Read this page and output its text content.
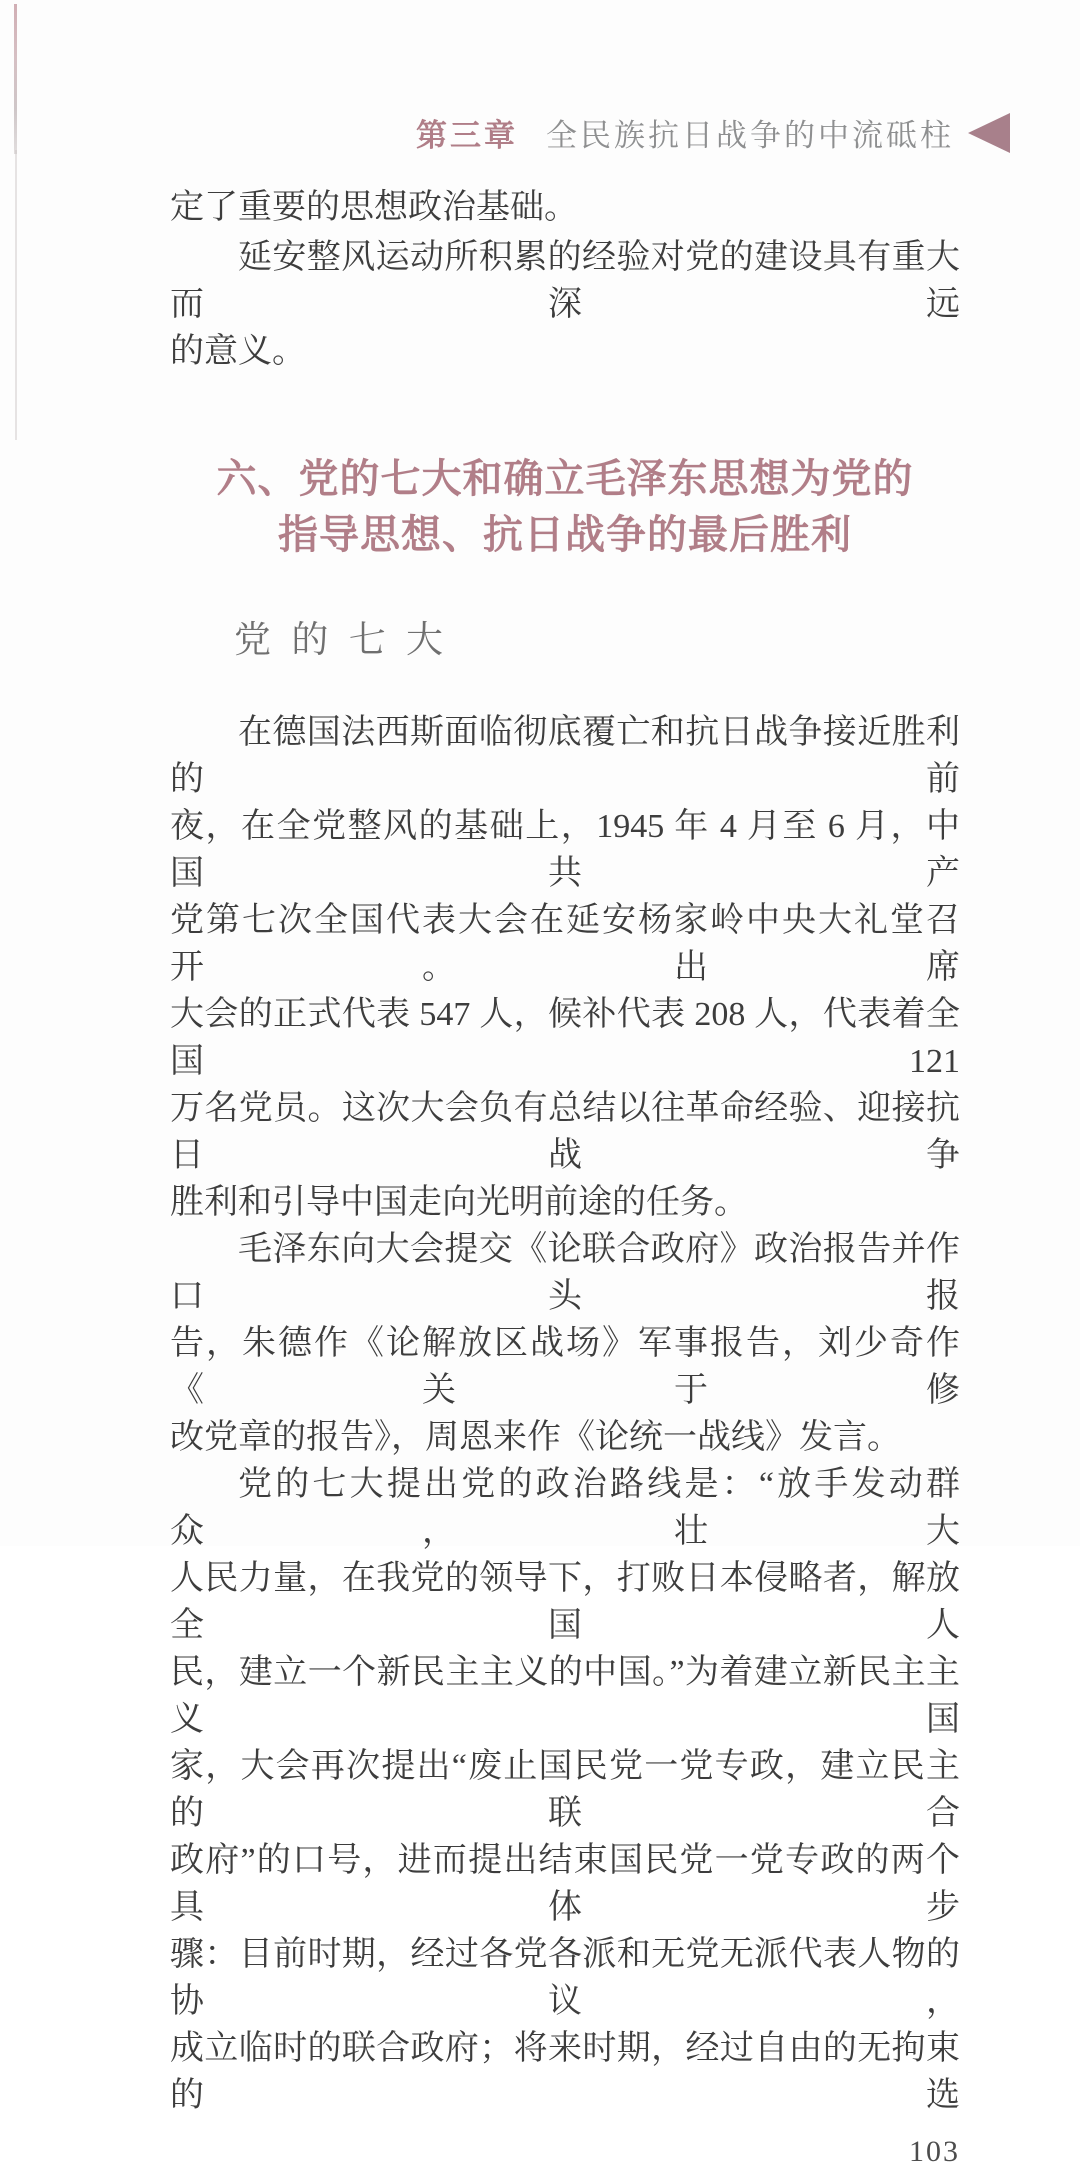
第三章 全民族抗日战争的中流砥柱
定了重要的思想政治基础。
延安整风运动所积累的经验对党的建设具有重大而深远
的意义。
六、党的七大和确立毛泽东思想为党的
指导思想、抗日战争的最后胜利
党的七大
在德国法西斯面临彻底覆亡和抗日战争接近胜利的前
夜，在全党整风的基础上，1945 年 4 月至 6 月，中国共产
党第七次全国代表大会在延安杨家岭中央大礼堂召开。出席
大会的正式代表 547 人，候补代表 208 人，代表着全国 121
万名党员。这次大会负有总结以往革命经验、迎接抗日战争
胜利和引导中国走向光明前途的任务。
毛泽东向大会提交《论联合政府》政治报告并作口头报
告，朱德作《论解放区战场》军事报告，刘少奇作《关于修
改党章的报告》，周恩来作《论统一战线》发言。
党的七大提出党的政治路线是：“放手发动群众，壮大
人民力量，在我党的领导下，打败日本侵略者，解放全国人
民，建立一个新民主主义的中国。”为着建立新民主主义国
家，大会再次提出“废止国民党一党专政，建立民主的联合
政府”的口号，进而提出结束国民党一党专政的两个具体步
骤：目前时期，经过各党各派和无党无派代表人物的协议，
成立临时的联合政府；将来时期，经过自由的无拘束的选
103
